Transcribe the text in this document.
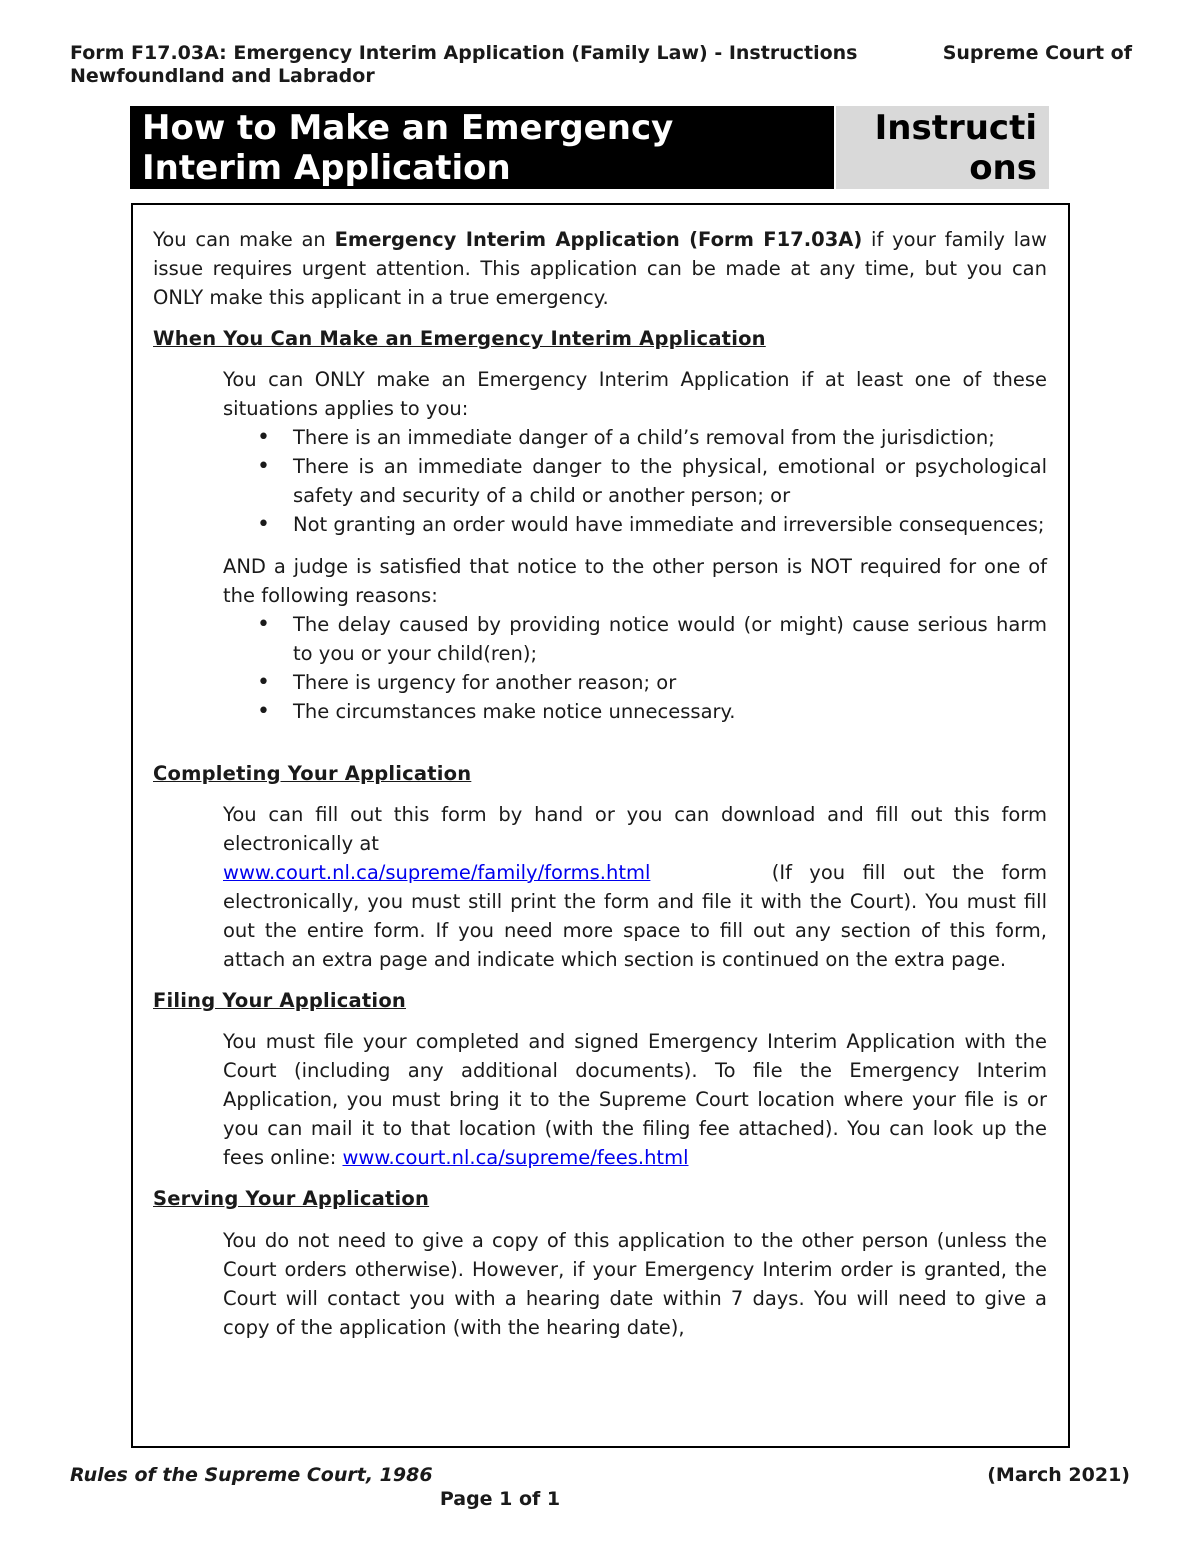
Form F17.03A: Emergency Interim Application (Family Law) - Instructions	Supreme Court of
Newfoundland and Labrador
How to Make an Emergency
Interim Application
Instructi
ons

You can make an Emergency Interim Application (Form F17.03A) if your family law issue requires urgent attention. This application can be made at any time, but you can ONLY make this applicant in a true emergency.

When You Can Make an Emergency Interim Application

You can ONLY make an Emergency Interim Application if at least one of these situations applies to you:

• There is an immediate danger of a child’s removal from the jurisdiction;
• There is an immediate danger to the physical, emotional or psychological safety and security of a child or another person; or
• Not granting an order would have immediate and irreversible consequences;

AND a judge is satisfied that notice to the other person is NOT required for one of the following reasons:

• The delay caused by providing notice would (or might) cause serious harm to you or your child(ren);
• There is urgency for another reason; or
• The circumstances make notice unnecessary.

Completing Your Application

You can fill out this form by hand or you can download and fill out this form electronically at
www.court.nl.ca/supreme/family/forms.html	(If you fill out the form electronically, you must still print the form and file it with the Court). You must fill out the entire form. If you need more space to fill out any section of this form, attach an extra page and indicate which section is continued on the extra page.

Filing Your Application

You must file your completed and signed Emergency Interim Application with the Court (including any additional documents). To file the Emergency Interim Application, you must bring it to the Supreme Court location where your file is or you can mail it to that location (with the filing fee attached). You can look up the fees online: www.court.nl.ca/supreme/fees.html

Serving Your Application

You do not need to give a copy of this application to the other person (unless the Court orders otherwise). However, if your Emergency Interim order is granted, the Court will contact you with a hearing date within 7 days. You will need to give a copy of the application (with the hearing date),

Rules of the Supreme Court, 1986	(March 2021)
Page 1 of 1
